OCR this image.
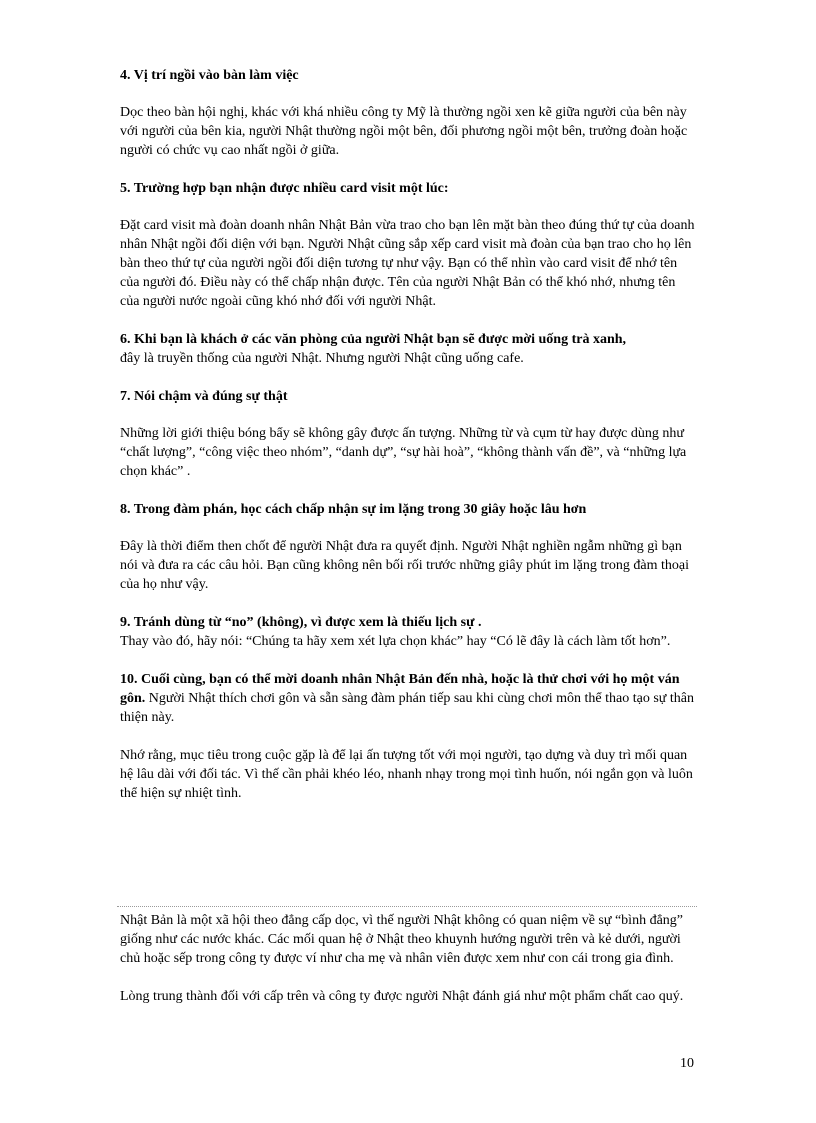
4. Vị trí ngồi vào bàn làm việc

Dọc theo bàn hội nghị, khác với khá nhiều công ty Mỹ là thường ngồi xen kẽ giữa người của bên này với người của bên kia, người Nhật thường ngồi một bên, đối phương ngồi một bên, trưởng đoàn hoặc người có chức vụ cao nhất ngồi ở giữa.

5. Trường hợp bạn nhận được nhiều card visit một lúc:

Đặt card visit mà đoàn doanh nhân Nhật Bản vừa trao cho bạn lên mặt bàn theo đúng thứ tự của doanh nhân Nhật ngồi đối diện với bạn. Người Nhật cũng sắp xếp card visit mà đoàn của bạn trao cho họ lên bàn theo thứ tự của người ngồi đối diện tương tự như vậy. Bạn có thể nhìn vào card visit để nhớ tên của người đó. Điều này có thể chấp nhận được. Tên của người Nhật Bản có thể khó nhớ, nhưng tên của người nước ngoài cũng khó nhớ đối với người Nhật.

6. Khi bạn là khách ở các văn phòng của người Nhật bạn sẽ được mời uống trà xanh,

đây là truyền thống của người Nhật. Nhưng người Nhật cũng uống cafe.

7. Nói chậm và đúng sự thật

Những lời giới thiệu bóng bẩy sẽ không gây được ấn tượng. Những từ và cụm từ hay được dùng như “chất lượng”, “công việc theo nhóm”, “danh dự”, “sự hài hoà”, “không thành vấn đề”, và “những lựa chọn khác” .

8. Trong đàm phán, học cách chấp nhận sự im lặng trong 30 giây hoặc lâu hơn

Đây là thời điểm then chốt để người Nhật đưa ra quyết định. Người Nhật nghiền ngẫm những gì bạn nói và đưa ra các câu hỏi. Bạn cũng không nên bối rối trước những giây phút im lặng trong đàm thoại của họ như vậy.

9. Tránh dùng từ “no” (không), vì được xem là thiếu lịch sự .

Thay vào đó, hãy nói: “Chúng ta hãy xem xét lựa chọn khác” hay “Có lẽ đây là cách làm tốt hơn”.

10. Cuối cùng, bạn có thể mời doanh nhân Nhật Bản đến nhà, hoặc là thử chơi với họ một ván gôn. Người Nhật thích chơi gôn và sẵn sàng đàm phán tiếp sau khi cùng chơi môn thể thao tạo sự thân thiện này.

Nhớ rằng, mục tiêu trong cuộc gặp là để lại ấn tượng tốt với mọi người, tạo dựng và duy trì mối quan hệ lâu dài với đối tác. Vì thế cần phải khéo léo, nhanh nhạy trong mọi tình huốn, nói ngắn gọn và luôn thể hiện sự nhiệt tình.

Nhật Bản là một xã hội theo đẳng cấp dọc, vì thế người Nhật không có quan niệm về sự “bình đẳng” giống như các nước khác. Các mối quan hệ ở Nhật theo khuynh hướng người trên và kẻ dưới, người chủ hoặc sếp trong công ty được ví như cha mẹ và nhân viên được xem như con cái trong gia đình.

Lòng trung thành đối với cấp trên và công ty được người Nhật đánh giá như một phẩm chất cao quý.

10
